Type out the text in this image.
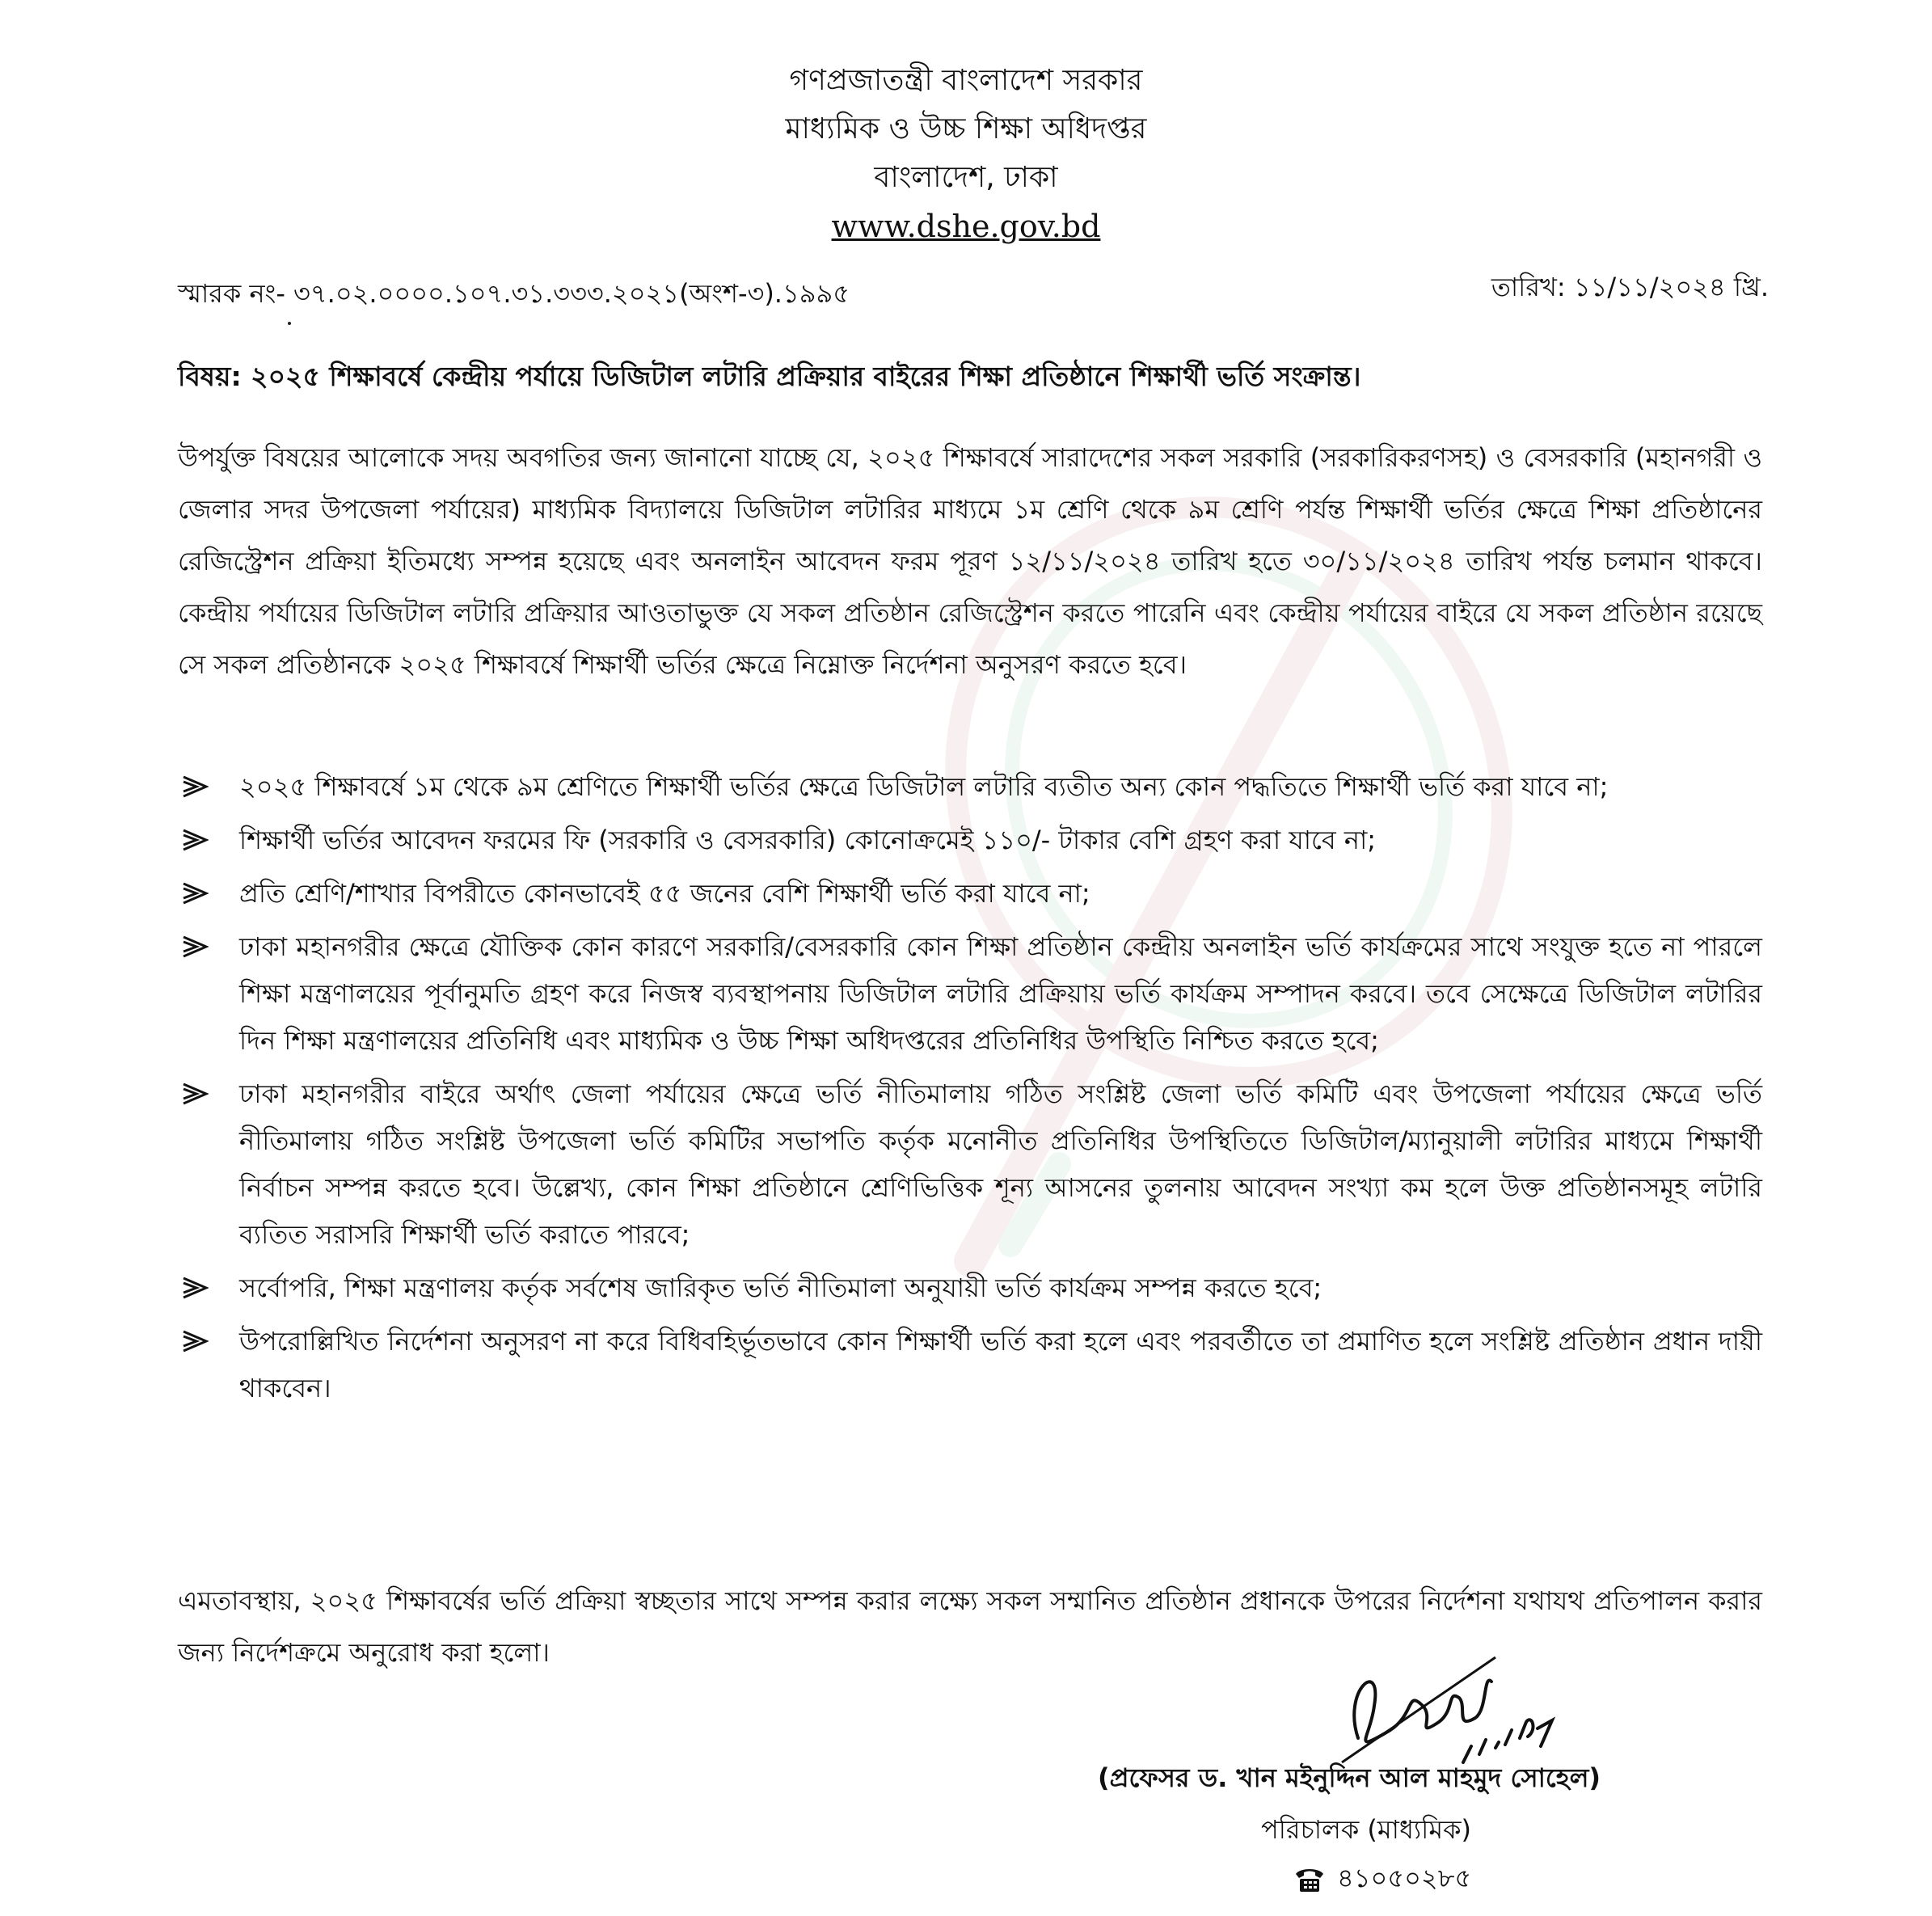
গণপ্রজাতন্ত্রী বাংলাদেশ সরকার
মাধ্যমিক ও উচ্চ শিক্ষা অধিদপ্তর
বাংলাদেশ, ঢাকা
www.dshe.gov.bd
স্মারক নং- ৩৭.০২.০০০০.১০৭.৩১.৩৩৩.২০২১(অংশ-৩).১৯৯৫	তারিখ: ১১/১১/২০২৪ খ্রি.
বিষয়: ২০২৫ শিক্ষাবর্ষে কেন্দ্রীয় পর্যায়ে ডিজিটাল লটারি প্রক্রিয়ার বাইরের শিক্ষা প্রতিষ্ঠানে শিক্ষার্থী ভর্তি সংক্রান্ত।
উপর্যুক্ত বিষয়ের আলোকে সদয় অবগতির জন্য জানানো যাচ্ছে যে, ২০২৫ শিক্ষাবর্ষে সারাদেশের সকল সরকারি (সরকারিকরণসহ) ও বেসরকারি (মহানগরী ও জেলার সদর উপজেলা পর্যায়ের) মাধ্যমিক বিদ্যালয়ে ডিজিটাল লটারির মাধ্যমে ১ম শ্রেণি থেকে ৯ম শ্রেণি পর্যন্ত শিক্ষার্থী ভর্তির ক্ষেত্রে শিক্ষা প্রতিষ্ঠানের রেজিস্ট্রেশন প্রক্রিয়া ইতিমধ্যে সম্পন্ন হয়েছে এবং অনলাইন আবেদন ফরম পূরণ ১২/১১/২০২৪ তারিখ হতে ৩০/১১/২০২৪ তারিখ পর্যন্ত চলমান থাকবে। কেন্দ্রীয় পর্যায়ের ডিজিটাল লটারি প্রক্রিয়ার আওতাভুক্ত যে সকল প্রতিষ্ঠান রেজিস্ট্রেশন করতে পারেনি এবং কেন্দ্রীয় পর্যায়ের বাইরে যে সকল প্রতিষ্ঠান রয়েছে সে সকল প্রতিষ্ঠানকে ২০২৫ শিক্ষাবর্ষে শিক্ষার্থী ভর্তির ক্ষেত্রে নিম্নোক্ত নির্দেশনা অনুসরণ করতে হবে।
২০২৫ শিক্ষাবর্ষে ১ম থেকে ৯ম শ্রেণিতে শিক্ষার্থী ভর্তির ক্ষেত্রে ডিজিটাল লটারি ব্যতীত অন্য কোন পদ্ধতিতে শিক্ষার্থী ভর্তি করা যাবে না;
শিক্ষার্থী ভর্তির আবেদন ফরমের ফি (সরকারি ও বেসরকারি) কোনোক্রমেই ১১০/- টাকার বেশি গ্রহণ করা যাবে না;
প্রতি শ্রেণি/শাখার বিপরীতে কোনভাবেই ৫৫ জনের বেশি শিক্ষার্থী ভর্তি করা যাবে না;
ঢাকা মহানগরীর ক্ষেত্রে যৌক্তিক কোন কারণে সরকারি/বেসরকারি কোন শিক্ষা প্রতিষ্ঠান কেন্দ্রীয় অনলাইন ভর্তি কার্যক্রমের সাথে সংযুক্ত হতে না পারলে শিক্ষা মন্ত্রণালয়ের পূর্বানুমতি গ্রহণ করে নিজস্ব ব্যবস্থাপনায় ডিজিটাল লটারি প্রক্রিয়ায় ভর্তি কার্যক্রম সম্পাদন করবে। তবে সেক্ষেত্রে ডিজিটাল লটারির দিন শিক্ষা মন্ত্রণালয়ের প্রতিনিধি এবং মাধ্যমিক ও উচ্চ শিক্ষা অধিদপ্তরের প্রতিনিধির উপস্থিতি নিশ্চিত করতে হবে;
ঢাকা মহানগরীর বাইরে অর্থাৎ জেলা পর্যায়ের ক্ষেত্রে ভর্তি নীতিমালায় গঠিত সংশ্লিষ্ট জেলা ভর্তি কমিটি এবং উপজেলা পর্যায়ের ক্ষেত্রে ভর্তি নীতিমালায় গঠিত সংশ্লিষ্ট উপজেলা ভর্তি কমিটির সভাপতি কর্তৃক মনোনীত প্রতিনিধির উপস্থিতিতে ডিজিটাল/ম্যানুয়ালী লটারির মাধ্যমে শিক্ষার্থী নির্বাচন সম্পন্ন করতে হবে। উল্লেখ্য, কোন শিক্ষা প্রতিষ্ঠানে শ্রেণিভিত্তিক শূন্য আসনের তুলনায় আবেদন সংখ্যা কম হলে উক্ত প্রতিষ্ঠানসমূহ লটারি ব্যতিত সরাসরি শিক্ষার্থী ভর্তি করাতে পারবে;
সর্বোপরি, শিক্ষা মন্ত্রণালয় কর্তৃক সর্বশেষ জারিকৃত ভর্তি নীতিমালা অনুযায়ী ভর্তি কার্যক্রম সম্পন্ন করতে হবে;
উপরোল্লিখিত নির্দেশনা অনুসরণ না করে বিধিবহির্ভূতভাবে কোন শিক্ষার্থী ভর্তি করা হলে এবং পরবর্তীতে তা প্রমাণিত হলে সংশ্লিষ্ট প্রতিষ্ঠান প্রধান দায়ী থাকবেন।
এমতাবস্থায়, ২০২৫ শিক্ষাবর্ষের ভর্তি প্রক্রিয়া স্বচ্ছতার সাথে সম্পন্ন করার লক্ষ্যে সকল সম্মানিত প্রতিষ্ঠান প্রধানকে উপরের নির্দেশনা যথাযথ প্রতিপালন করার জন্য নির্দেশক্রমে অনুরোধ করা হলো।
(প্রফেসর ড. খান মইনুদ্দিন আল মাহমুদ সোহেল)
পরিচালক (মাধ্যমিক)
৪১০৫০২৮৫
